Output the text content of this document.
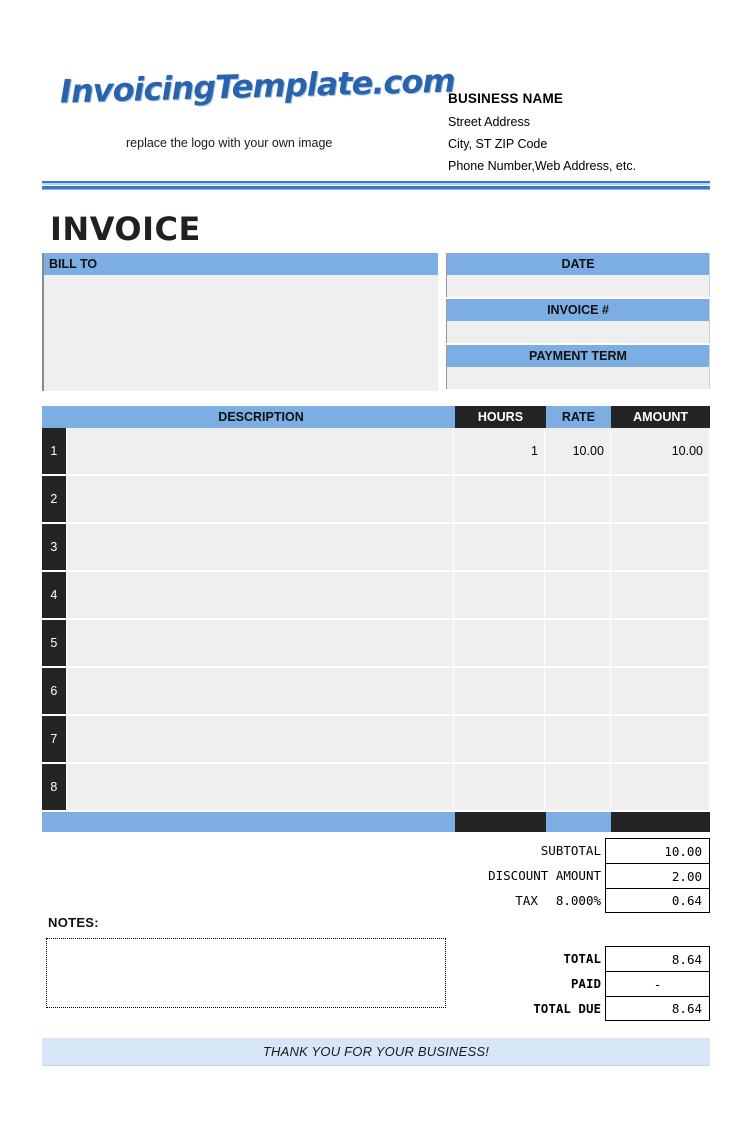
InvoicingTemplate.com
replace the logo with your own image
BUSINESS NAME
Street Address
City, ST ZIP Code
Phone Number,Web Address, etc.
INVOICE
BILL TO	DATE
INVOICE #
PAYMENT TERM
DESCRIPTION	HOURS	RATE	AMOUNT
1	1	10.00	10.00
2
3
4
5
6
7
8
SUBTOTAL	10.00
DISCOUNT AMOUNT	2.00
TAX 8.000%	0.64
TOTAL	8.64
PAID	-
TOTAL DUE	8.64
NOTES:
THANK YOU FOR YOUR BUSINESS!
